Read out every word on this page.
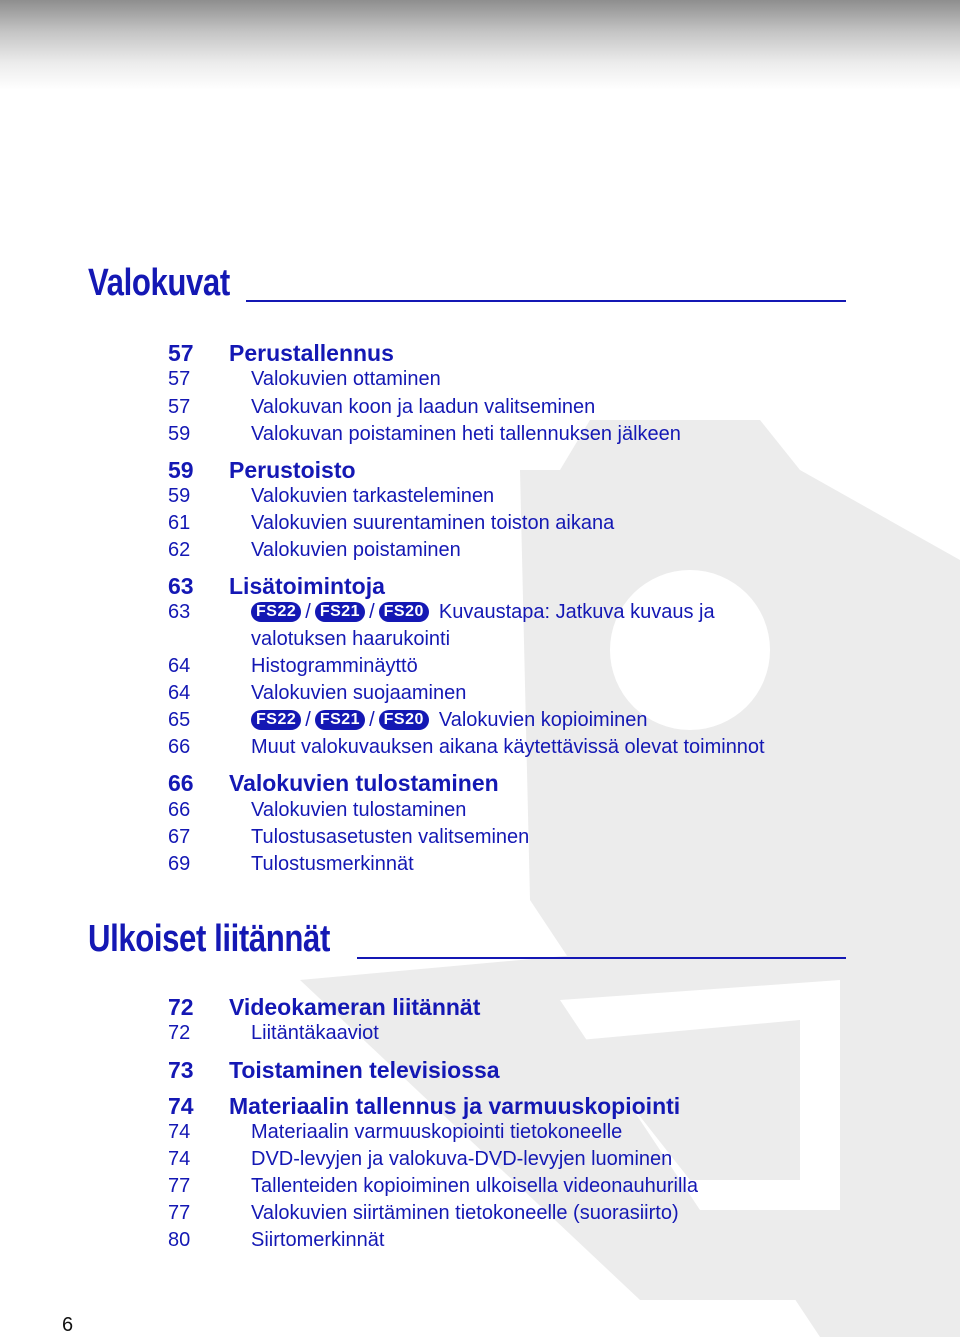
Valokuvat
Ulkoiset liitännät
57 Perustallennus
57	Valokuvien ottaminen
57	Valokuvan koon ja laadun valitseminen
59	Valokuvan poistaminen heti tallennuksen jälkeen
59 Perustoisto
59	Valokuvien tarkasteleminen
61	Valokuvien suurentaminen toiston aikana
62	Valokuvien poistaminen
63 Lisätoimintoja
63	FS22 / FS21 / FS20 Kuvaustapa: Jatkuva kuvaus ja
valotuksen haarukointi
64	Histogramminäyttö
64	Valokuvien suojaaminen
65	FS22 / FS21 / FS20 Valokuvien kopioiminen
66	Muut valokuvauksen aikana käytettävissä olevat toiminnot
66 Valokuvien tulostaminen
66	Valokuvien tulostaminen
67	Tulostusasetusten valitseminen
69	Tulostusmerkinnät
72 Videokameran liitännät
72	Liitäntäkaaviot
73 Toistaminen televisiossa
74 Materiaalin tallennus ja varmuuskopiointi
74	Materiaalin varmuuskopiointi tietokoneelle
74	DVD-levyjen ja valokuva-DVD-levyjen luominen
77	Tallenteiden kopioiminen ulkoisella videonauhurilla
77	Valokuvien siirtäminen tietokoneelle (suorasiirto)
80	Siirtomerkinnät
6
